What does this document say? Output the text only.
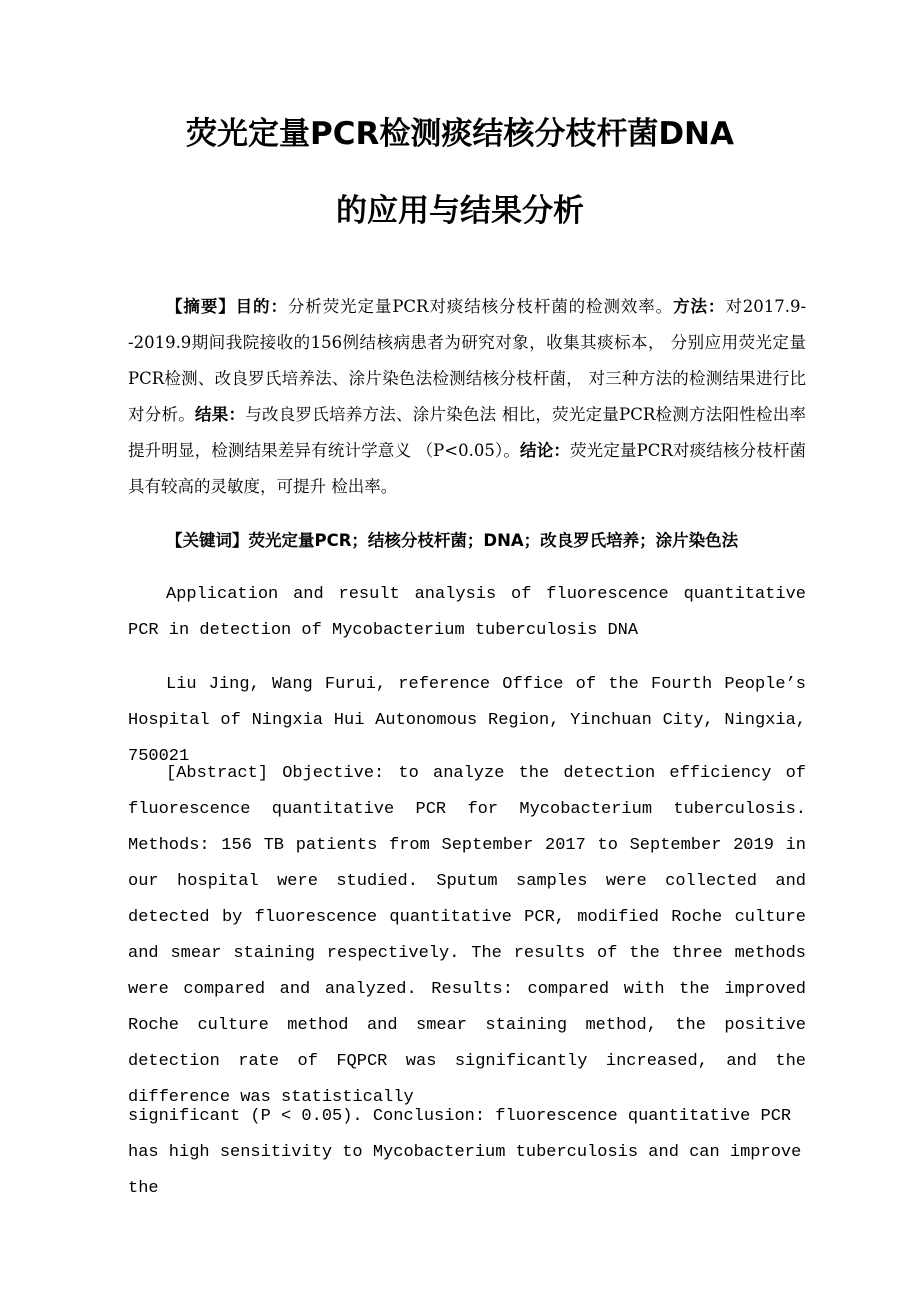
荧光定量PCR检测痰结核分枝杆菌DNA
的应用与结果分析

【摘要】目的：分析荧光定量PCR对痰结核分枝杆菌的检测效率。方法：对2017.9--2019.9期间我院接收的156例结核病患者为研究对象，收集其痰标本， 分别应用荧光定量PCR检测、改良罗氏培养法、涂片染色法检测结核分枝杆菌， 对三种方法的检测结果进行比对分析。结果：与改良罗氏培养方法、涂片染色法 相比，荧光定量PCR检测方法阳性检出率提升明显，检测结果差异有统计学意义 （P<0.05）。结论：荧光定量PCR对痰结核分枝杆菌具有较高的灵敏度，可提升 检出率。

【关键词】荧光定量PCR；结核分枝杆菌；DNA；改良罗氏培养；涂片染色法

Application and result analysis of fluorescence quantitative PCR in detection of Mycobacterium tuberculosis DNA

Liu Jing, Wang Furui, reference Office of the Fourth People’s Hospital of Ningxia Hui Autonomous Region, Yinchuan City, Ningxia, 750021

[Abstract] Objective: to analyze the detection efficiency of fluorescence quantitative PCR for Mycobacterium tuberculosis. Methods: 156 TB patients from September 2017 to September 2019 in our hospital were studied. Sputum samples were collected and detected by fluorescence quantitative PCR, modified Roche culture and smear staining respectively. The results of the three methods were compared and analyzed. Results: compared with the improved Roche culture method and smear staining method, the positive detection rate of FQPCR was significantly increased, and the difference was statistically

significant (P < 0.05). Conclusion: fluorescence quantitative PCR has high sensitivity to Mycobacterium tuberculosis and can improve the
